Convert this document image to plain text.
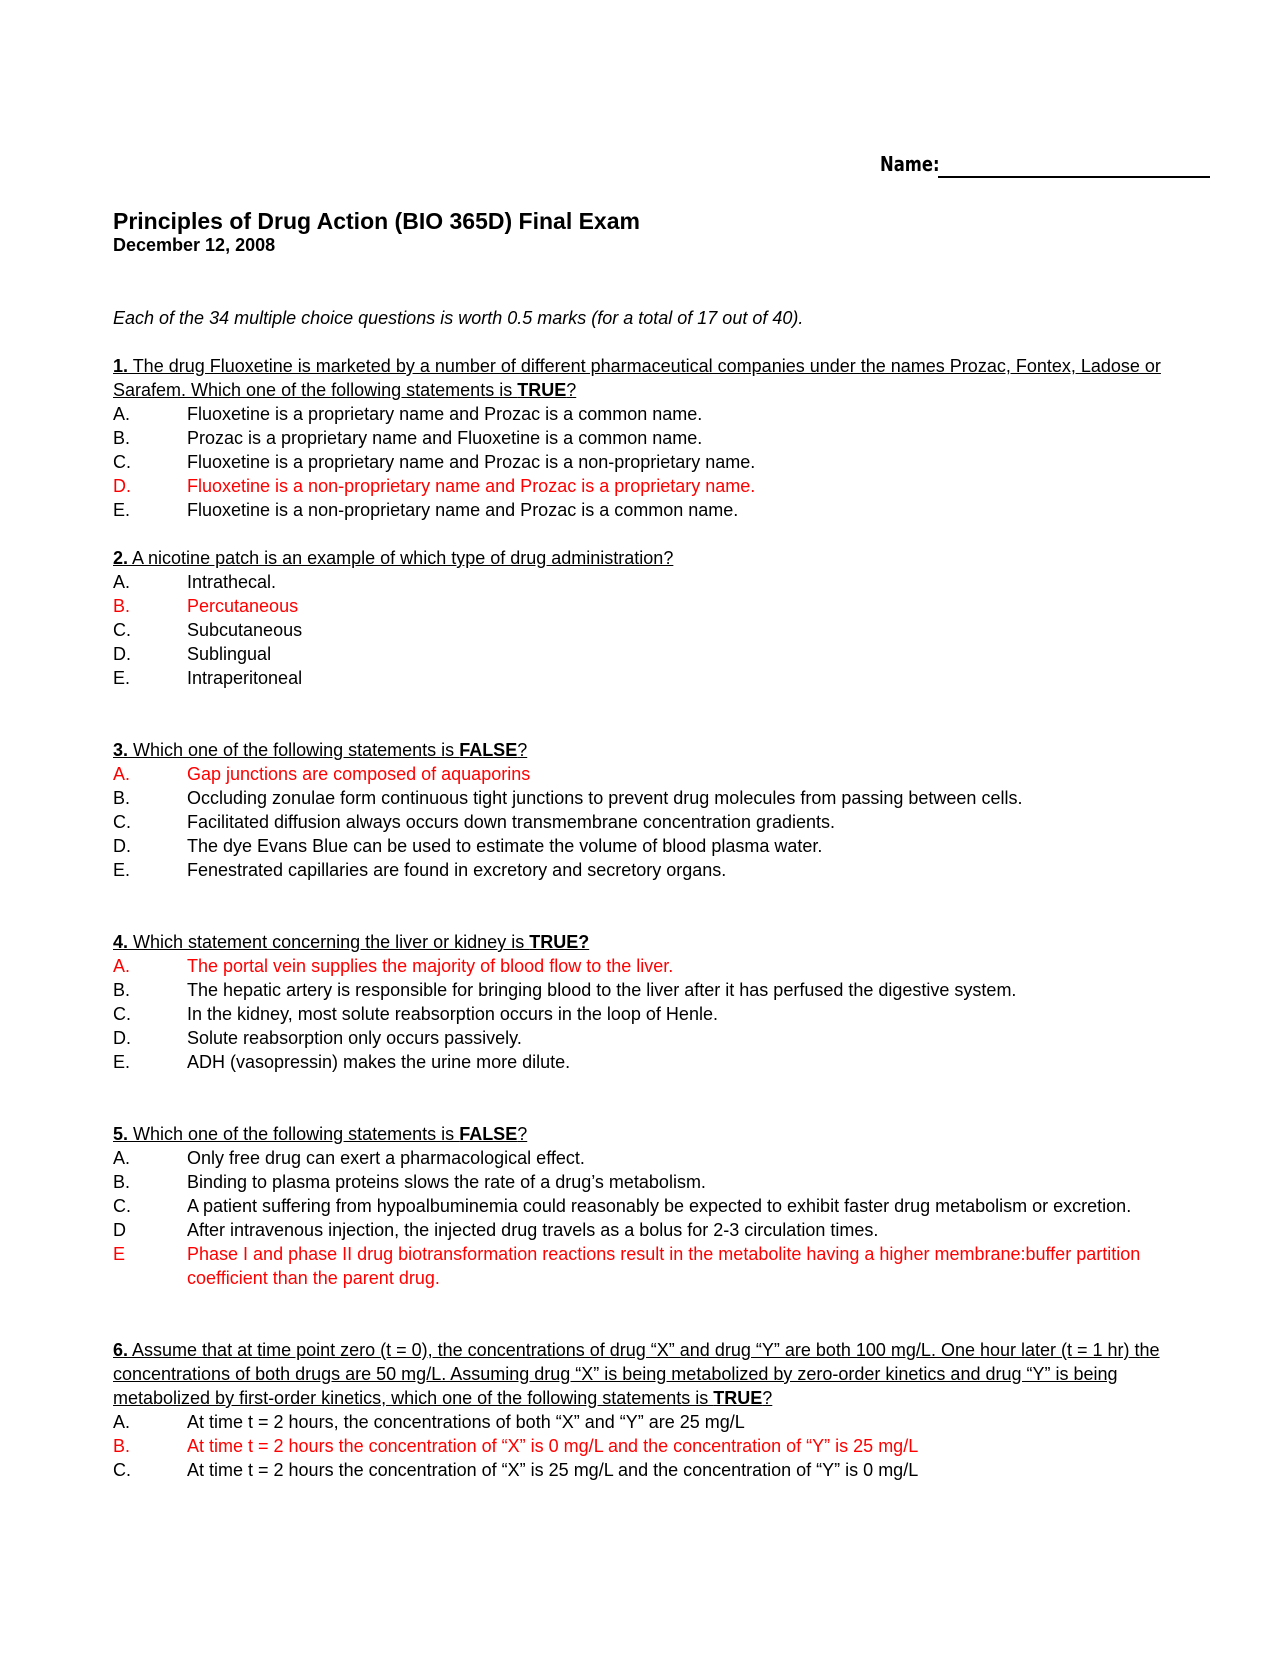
Name:

Principles of Drug Action (BIO 365D) Final Exam

December 12, 2008

Each of the 34 multiple choice questions is worth 0.5 marks (for a total of 17 out of 40).
1. The drug Fluoxetine is marketed by a number of different pharmaceutical companies under the names Prozac, Fontex, Ladose or Sarafem. Which one of the following statements is TRUE?
A.	Fluoxetine is a proprietary name and Prozac is a common name.
B.	Prozac is a proprietary name and Fluoxetine is a common name.
C.	Fluoxetine is a proprietary name and Prozac is a non-proprietary name.
D.	Fluoxetine is a non-proprietary name and Prozac is a proprietary name.
E.	Fluoxetine is a non-proprietary name and Prozac is a common name.
2. A nicotine patch is an example of which type of drug administration?
A.	Intrathecal.
B.	Percutaneous
C.	Subcutaneous
D.	Sublingual
E.	Intraperitoneal
3. Which one of the following statements is FALSE?
A.	Gap junctions are composed of aquaporins
B.	Occluding zonulae form continuous tight junctions to prevent drug molecules from passing between cells.
C.	Facilitated diffusion always occurs down transmembrane concentration gradients.
D.	The dye Evans Blue can be used to estimate the volume of blood plasma water.
E.	Fenestrated capillaries are found in excretory and secretory organs.
4. Which statement concerning the liver or kidney is TRUE?
A.	The portal vein supplies the majority of blood flow to the liver.
B.	The hepatic artery is responsible for bringing blood to the liver after it has perfused the digestive system.
C.	In the kidney, most solute reabsorption occurs in the loop of Henle.
D.	Solute reabsorption only occurs passively.
E.	ADH (vasopressin) makes the urine more dilute.
5. Which one of the following statements is FALSE?
A.	Only free drug can exert a pharmacological effect.
B.	Binding to plasma proteins slows the rate of a drug’s metabolism.
C.	A patient suffering from hypoalbuminemia could reasonably be expected to exhibit faster drug metabolism or excretion.
D	After intravenous injection, the injected drug travels as a bolus for 2-3 circulation times.
E	Phase I and phase II drug biotransformation reactions result in the metabolite having a higher membrane:buffer partition coefficient than the parent drug.
6. Assume that at time point zero (t = 0), the concentrations of drug “X” and drug “Y” are both 100 mg/L. One hour later (t = 1 hr) the concentrations of both drugs are 50 mg/L. Assuming drug “X” is being metabolized by zero-order kinetics and drug “Y” is being metabolized by first-order kinetics, which one of the following statements is TRUE?
A.	At time t = 2 hours, the concentrations of both “X” and “Y” are 25 mg/L
B.	At time t = 2 hours the concentration of “X” is 0 mg/L and the concentration of “Y” is 25 mg/L
C.	At time t = 2 hours the concentration of “X” is 25 mg/L and the concentration of “Y” is 0 mg/L
